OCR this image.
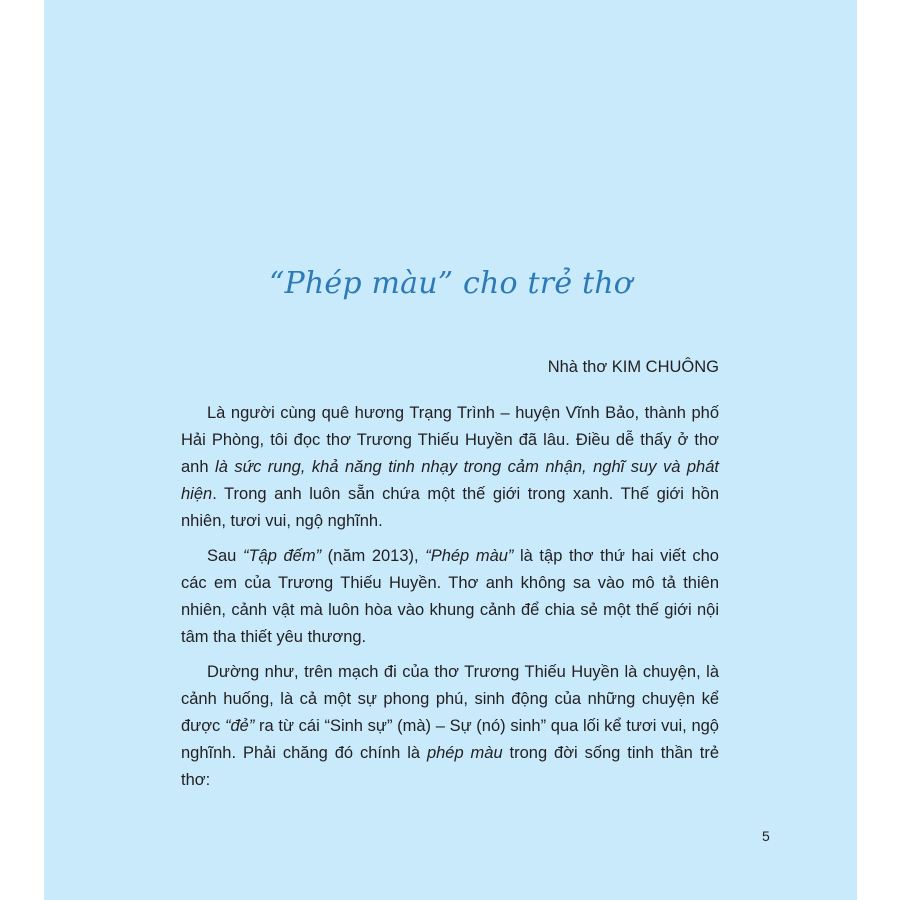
“Phép màu” cho trẻ thơ
Nhà thơ KIM CHUÔNG

Là người cùng quê hương Trạng Trình – huyện Vĩnh Bảo, thành phố Hải Phòng, tôi đọc thơ Trương Thiếu Huyền đã lâu. Điều dễ thấy ở thơ anh là sức rung, khả năng tinh nhạy trong cảm nhận, nghĩ suy và phát hiện. Trong anh luôn sẵn chứa một thế giới trong xanh. Thế giới hồn nhiên, tươi vui, ngộ nghĩnh.

Sau “Tập đếm” (năm 2013), “Phép màu” là tập thơ thứ hai viết cho các em của Trương Thiếu Huyền. Thơ anh không sa vào mô tả thiên nhiên, cảnh vật mà luôn hòa vào khung cảnh để chia sẻ một thế giới nội tâm tha thiết yêu thương.

Dường như, trên mạch đi của thơ Trương Thiếu Huyền là chuyện, là cảnh huống, là cả một sự phong phú, sinh động của những chuyện kể được “đẻ” ra từ cái “Sinh sự” (mà) – Sự (nó) sinh” qua lối kể tươi vui, ngộ nghĩnh. Phải chăng đó chính là phép màu trong đời sống tinh thần trẻ thơ:

5
